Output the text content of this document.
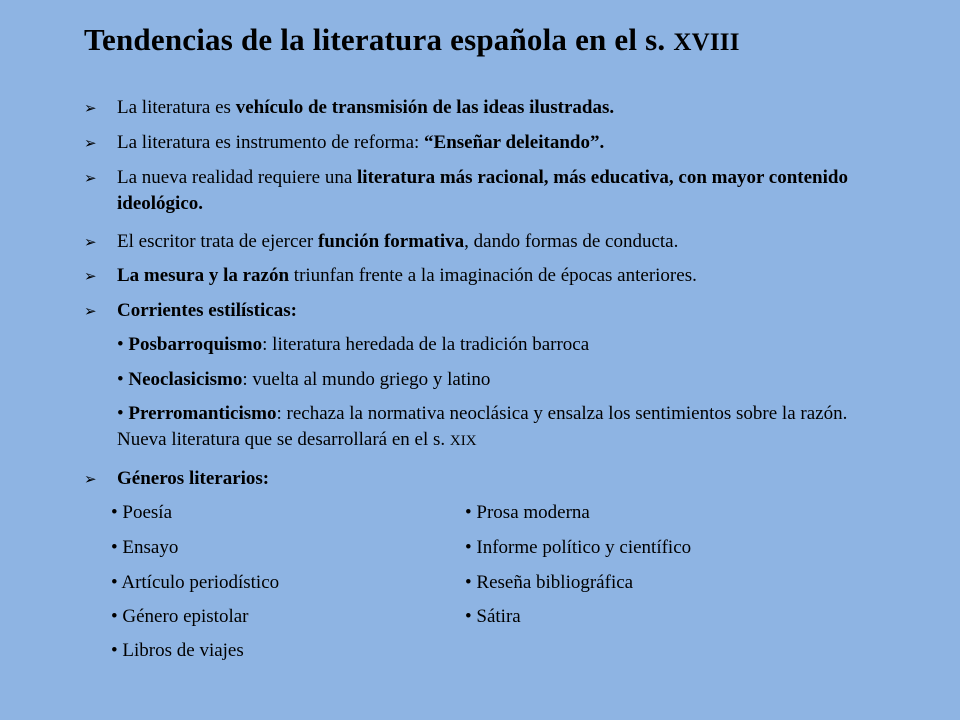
Tendencias de la literatura española en el s. XVIII
➢	La literatura es vehículo de transmisión de las ideas ilustradas.
➢	La literatura es instrumento de reforma: “Enseñar deleitando”.
➢	La nueva realidad requiere una literatura más racional, más educativa, con mayor contenido ideológico.
➢	El escritor trata de ejercer función formativa, dando formas de conducta.
➢	La mesura y la razón triunfan frente a la imaginación de épocas anteriores.
➢	Corrientes estilísticas:
• Posbarroquismo: literatura heredada de la tradición barroca
• Neoclasicismo: vuelta al mundo griego y latino
• Prerromanticismo: rechaza la normativa neoclásica y ensalza los sentimientos sobre la razón. Nueva literatura que se desarrollará en el s. XIX
➢	Géneros literarios:
• Poesía
• Ensayo
• Artículo periodístico
• Género epistolar
• Libros de viajes
• Prosa moderna
• Informe político y científico
• Reseña bibliográfica
• Sátira
